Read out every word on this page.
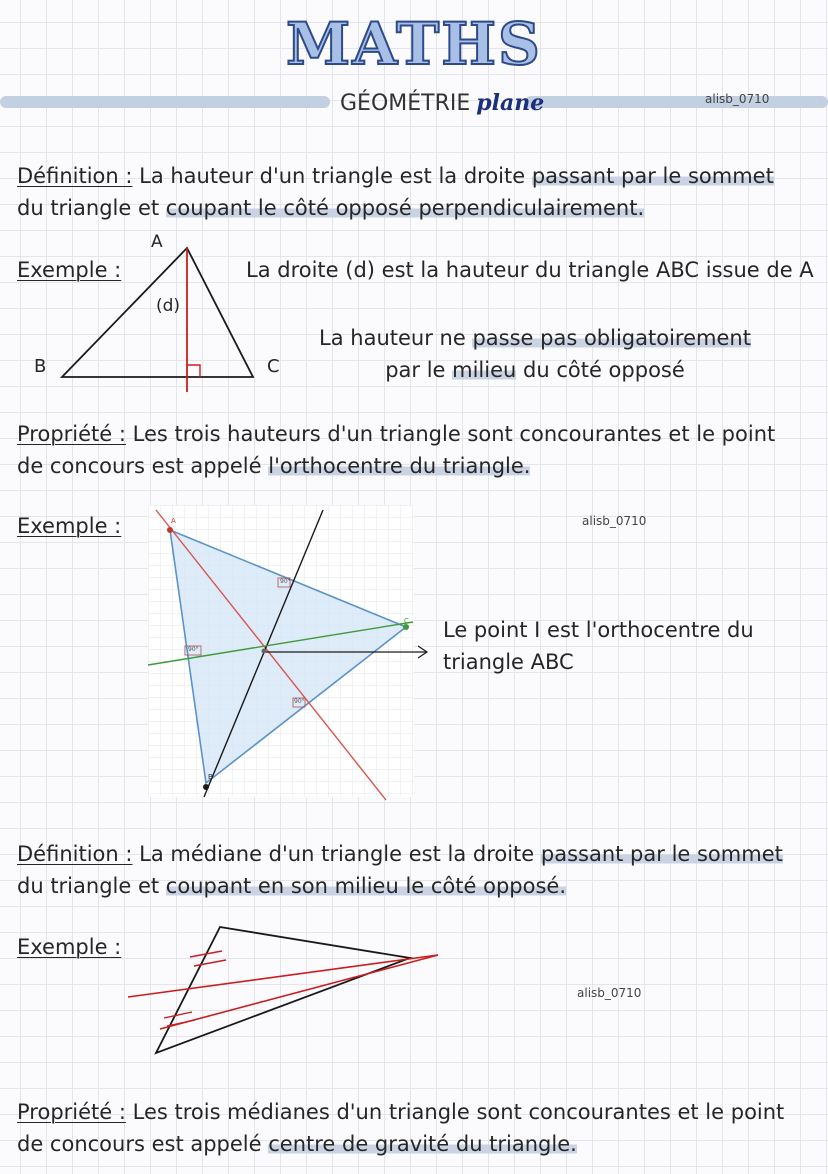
MATHS
GÉOMÉTRIE plane	alisb_0710
Définition : La hauteur d'un triangle est la droite passant par le sommet du triangle et coupant le côté opposé perpendiculairement.
Exemple :
A
B	C
(d)
La droite (d) est la hauteur du triangle ABC issue de A
La hauteur ne passe pas obligatoirement par le milieu du côté opposé
Propriété : Les trois hauteurs d'un triangle sont concourantes et le point de concours est appelé l'orthocentre du triangle.
Exemple :	alisb_0710
90°
90°
90°
A
C
B
Le point I est l'orthocentre du triangle ABC
Définition : La médiane d'un triangle est la droite passant par le sommet du triangle et coupant en son milieu le côté opposé.
Exemple :
alisb_0710
Propriété : Les trois médianes d'un triangle sont concourantes et le point de concours est appelé centre de gravité du triangle.
